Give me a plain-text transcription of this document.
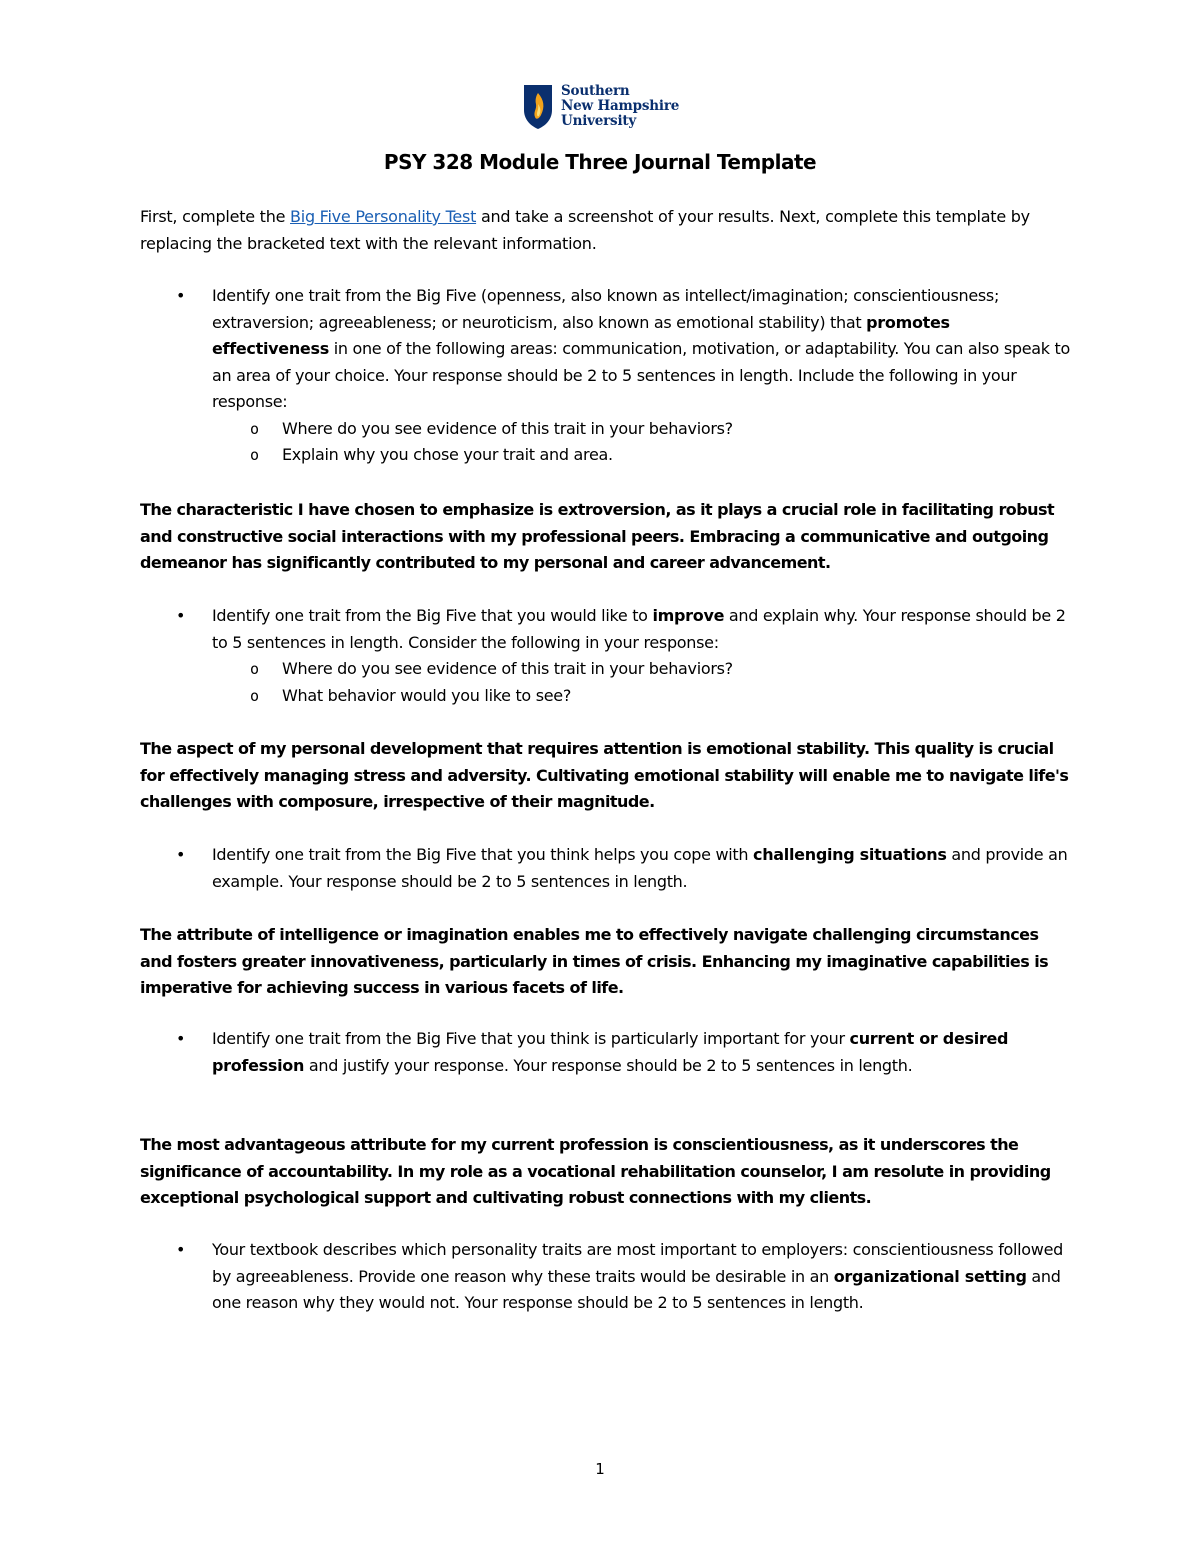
Southern
New Hampshire
University
PSY 328 Module Three Journal Template

First, complete the Big Five Personality Test and take a screenshot of your results. Next, complete this template by replacing the bracketed text with the relevant information.

• Identify one trait from the Big Five (openness, also known as intellect/imagination; conscientiousness; extraversion; agreeableness; or neuroticism, also known as emotional stability) that promotes effectiveness in one of the following areas: communication, motivation, or adaptability. You can also speak to an area of your choice. Your response should be 2 to 5 sentences in length. Include the following in your response:
o Where do you see evidence of this trait in your behaviors?
o Explain why you chose your trait and area.

The characteristic I have chosen to emphasize is extroversion, as it plays a crucial role in facilitating robust and constructive social interactions with my professional peers. Embracing a communicative and outgoing demeanor has significantly contributed to my personal and career advancement.

• Identify one trait from the Big Five that you would like to improve and explain why. Your response should be 2 to 5 sentences in length. Consider the following in your response:
o Where do you see evidence of this trait in your behaviors?
o What behavior would you like to see?

The aspect of my personal development that requires attention is emotional stability. This quality is crucial for effectively managing stress and adversity. Cultivating emotional stability will enable me to navigate life's challenges with composure, irrespective of their magnitude.

• Identify one trait from the Big Five that you think helps you cope with challenging situations and provide an example. Your response should be 2 to 5 sentences in length.

The attribute of intelligence or imagination enables me to effectively navigate challenging circumstances and fosters greater innovativeness, particularly in times of crisis. Enhancing my imaginative capabilities is imperative for achieving success in various facets of life.

• Identify one trait from the Big Five that you think is particularly important for your current or desired profession and justify your response. Your response should be 2 to 5 sentences in length.

The most advantageous attribute for my current profession is conscientiousness, as it underscores the significance of accountability. In my role as a vocational rehabilitation counselor, I am resolute in providing exceptional psychological support and cultivating robust connections with my clients.

• Your textbook describes which personality traits are most important to employers: conscientiousness followed by agreeableness. Provide one reason why these traits would be desirable in an organizational setting and one reason why they would not. Your response should be 2 to 5 sentences in length.
1
